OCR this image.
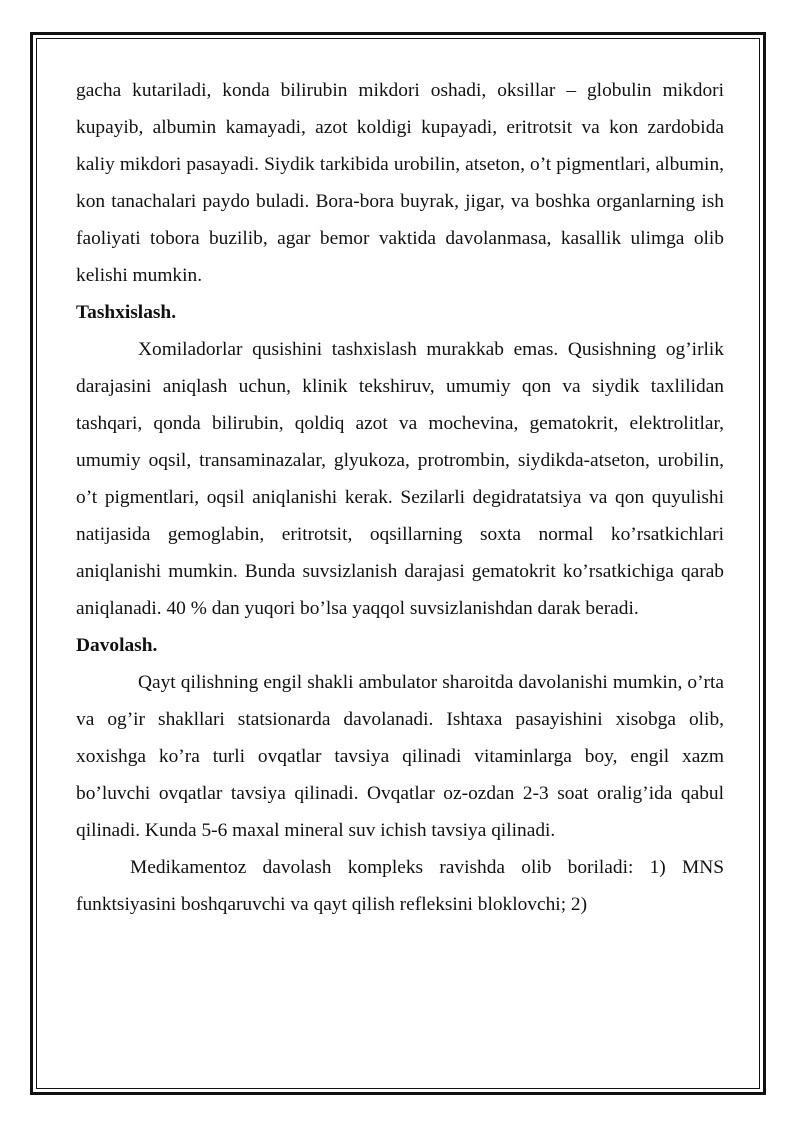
gacha kutariladi, konda bilirubin mikdori oshadi, oksillar – globulin mikdori kupayib, albumin kamayadi, azot koldigi kupayadi, eritrotsit va kon zardobida kaliy mikdori pasayadi. Siydik tarkibida urobilin, atseton, o’t pigmentlari, albumin, kon tanachalari paydo buladi. Bora-bora buyrak, jigar, va boshka organlarning ish faoliyati tobora buzilib, agar bemor vaktida davolanmasa, kasallik ulimga olib kelishi mumkin.

Tashxislash.

Xomiladorlar qusishini tashxislash murakkab emas. Qusishning og’irlik darajasini aniqlash uchun, klinik tekshiruv, umumiy qon va siydik taxlilidan tashqari, qonda bilirubin, qoldiq azot va mochevina, gematokrit, elektrolitlar, umumiy oqsil, transaminazalar, glyukoza, protrombin, siydikda-atseton, urobilin, o’t pigmentlari, oqsil aniqlanishi kerak. Sezilarli degidratatsiya va qon quyulishi natijasida gemoglabin, eritrotsit, oqsillarning soxta normal ko’rsatkichlari aniqlanishi mumkin. Bunda suvsizlanish darajasi gematokrit ko’rsatkichiga qarab aniqlanadi. 40 % dan yuqori bo’lsa yaqqol suvsizlanishdan darak beradi.

Davolash.

Qayt qilishning engil shakli ambulator sharoitda davolanishi mumkin, o’rta va og’ir shakllari statsionarda davolanadi. Ishtaxa pasayishini xisobga olib, xoxishga ko’ra turli ovqatlar tavsiya qilinadi vitaminlarga boy, engil xazm bo’luvchi ovqatlar tavsiya qilinadi. Ovqatlar oz-ozdan 2-3 soat oralig’ida qabul qilinadi. Kunda 5-6 maxal mineral suv ichish tavsiya qilinadi.

Medikamentoz davolash kompleks ravishda olib boriladi: 1) MNS funktsiyasini boshqaruvchi va qayt qilish refleksini bloklovchi; 2)
